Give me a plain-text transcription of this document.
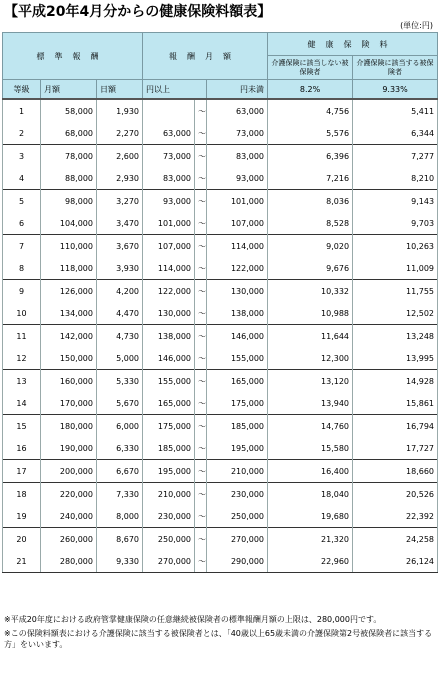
【平成20年4月分からの健康保険料額表】
(単位:円)
標準報酬			報酬月額			健康保険料	

						介護保険に該当しない被保険者	介護保険に該当する被保険者

等級	月額	日額	円以上		円未満	8.2%	9.33%
1	58,000	1,930		〜	63,000	4,756	5,411
2	68,000	2,270	63,000	〜	73,000	5,576	6,344
3	78,000	2,600	73,000	〜	83,000	6,396	7,277
4	88,000	2,930	83,000	〜	93,000	7,216	8,210
5	98,000	3,270	93,000	〜	101,000	8,036	9,143
6	104,000	3,470	101,000	〜	107,000	8,528	9,703
7	110,000	3,670	107,000	〜	114,000	9,020	10,263
8	118,000	3,930	114,000	〜	122,000	9,676	11,009
9	126,000	4,200	122,000	〜	130,000	10,332	11,755
10	134,000	4,470	130,000	〜	138,000	10,988	12,502
11	142,000	4,730	138,000	〜	146,000	11,644	13,248
12	150,000	5,000	146,000	〜	155,000	12,300	13,995
13	160,000	5,330	155,000	〜	165,000	13,120	14,928
14	170,000	5,670	165,000	〜	175,000	13,940	15,861
15	180,000	6,000	175,000	〜	185,000	14,760	16,794
16	190,000	6,330	185,000	〜	195,000	15,580	17,727
17	200,000	6,670	195,000	〜	210,000	16,400	18,660
18	220,000	7,330	210,000	〜	230,000	18,040	20,526
19	240,000	8,000	230,000	〜	250,000	19,680	22,392
20	260,000	8,670	250,000	〜	270,000	21,320	24,258
21	280,000	9,330	270,000	〜	290,000	22,960	26,124

※平成20年度における政府管掌健康保険の任意継続被保険者の標準報酬月額の上限は、280,000円です。

※この保険料額表における介護保険に該当する被保険者とは、「40歳以上65歳未満の介護保険第2号被保険者に該当する方」をいいます。
